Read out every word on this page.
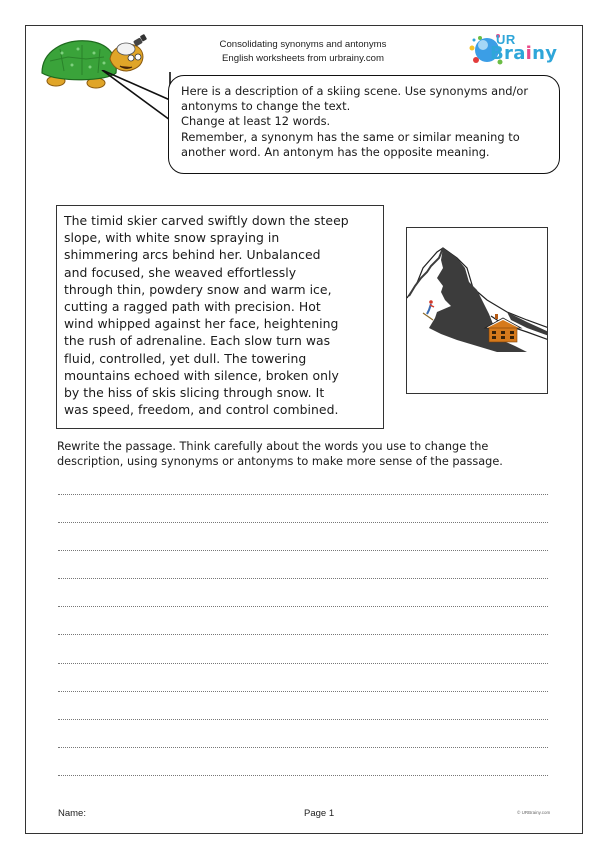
Consolidating synonyms and antonyms
English worksheets from urbrainy.com
UR
Brainy
Here is a description of a skiing scene. Use synonyms and/or
antonyms to change the text.
Change at least 12 words.
Remember, a synonym has the same or similar meaning to
another word. An antonym has the opposite meaning.
The timid skier carved swiftly down the steep
slope, with white snow spraying in
shimmering arcs behind her. Unbalanced
and focused, she weaved effortlessly
through thin, powdery snow and warm ice,
cutting a ragged path with precision. Hot
wind whipped against her face, heightening
the rush of adrenaline. Each slow turn was
fluid, controlled, yet dull. The towering
mountains echoed with silence, broken only
by the hiss of skis slicing through snow. It
was speed, freedom, and control combined.
Rewrite the passage. Think carefully about the words you use to change the
description, using synonyms or antonyms to make more sense of the passage.
Name:	Page 1	© URBrainy.com
